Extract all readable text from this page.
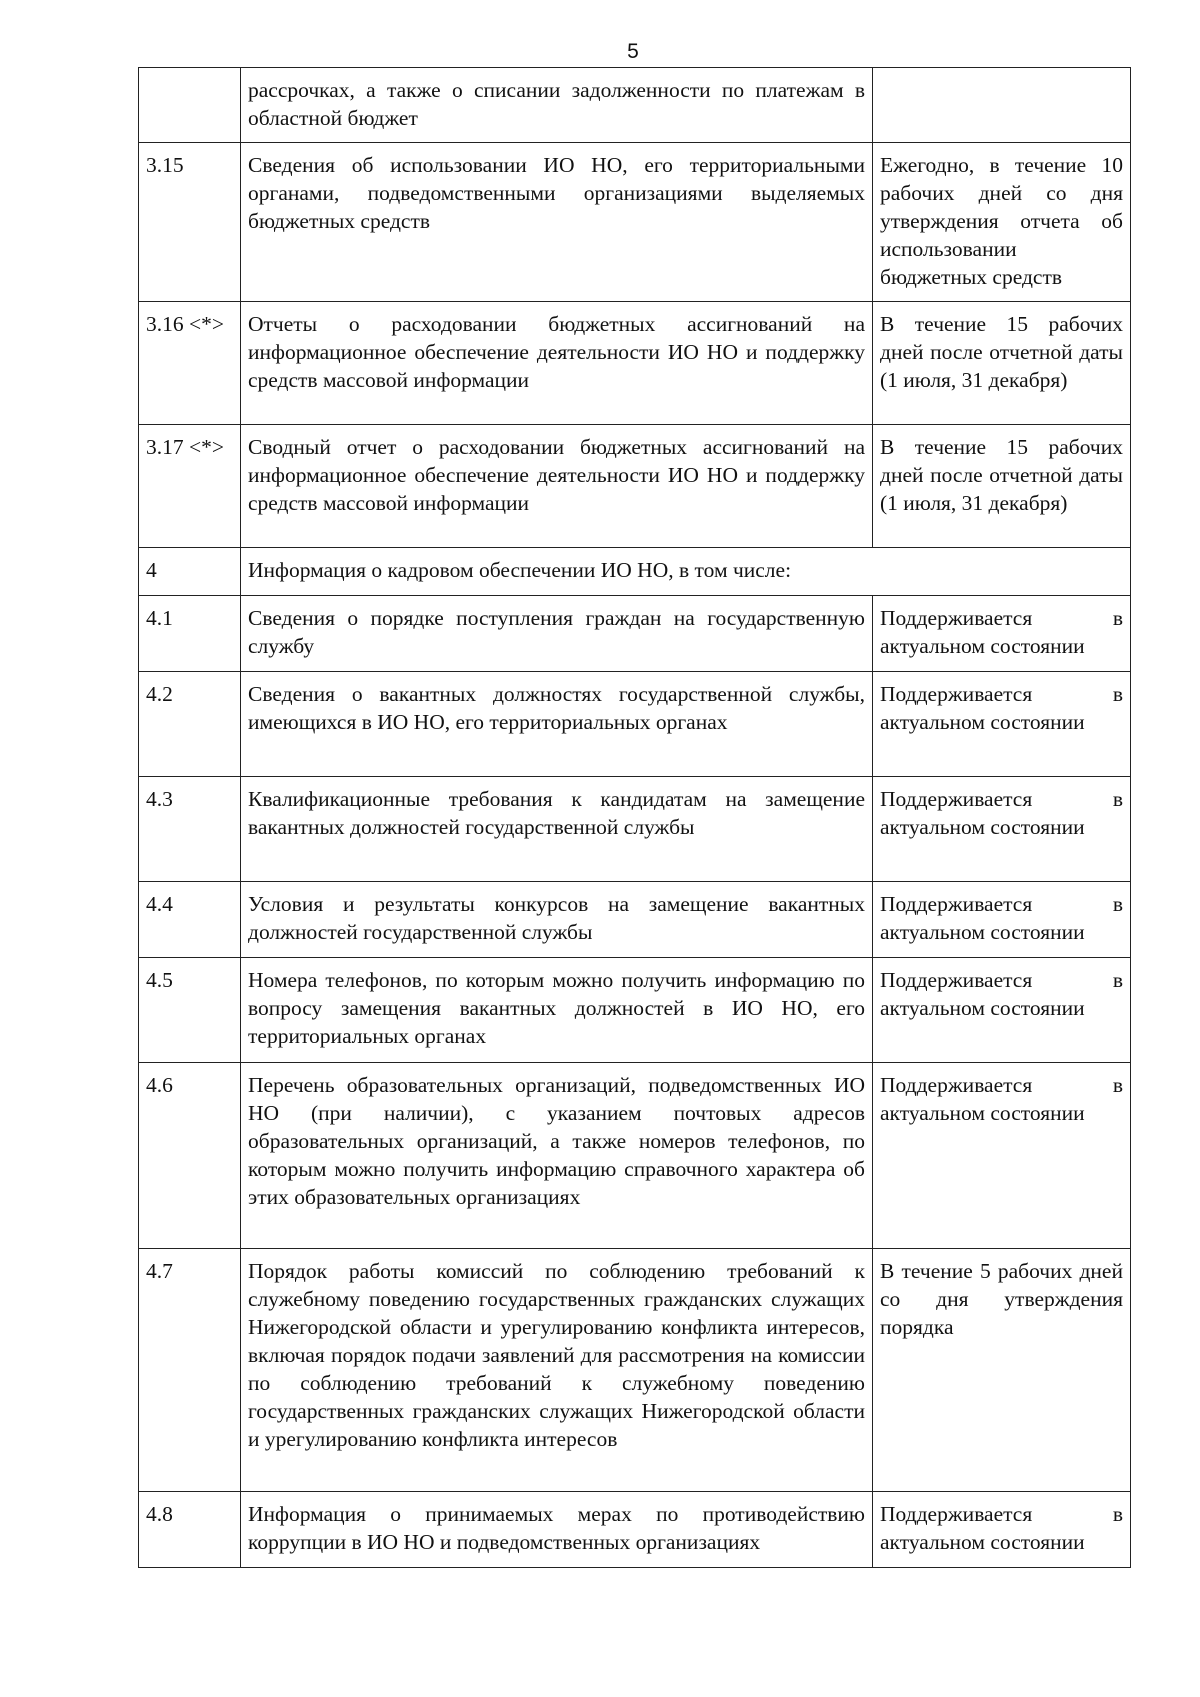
5
	рассрочках, а также о списании задолженности по платежам в областной бюджет	
3.15	Сведения об использовании ИО НО, его территориальными органами, подведомственными организациями выделяемых бюджетных средств	Ежегодно, в течение 10 рабочих дней со дня утверждения отчета об использовании бюджетных средств
3.16 <*>	Отчеты о расходовании бюджетных ассигнований на информационное обеспечение деятельности ИО НО и поддержку средств массовой информации	В течение 15 рабочих дней после отчетной даты (1 июля, 31 декабря)
3.17 <*>	Сводный отчет о расходовании бюджетных ассигнований на информационное обеспечение деятельности ИО НО и поддержку средств массовой информации	В течение 15 рабочих дней после отчетной даты (1 июля, 31 декабря)
4	Информация о кадровом обеспечении ИО НО, в том числе:	
4.1	Сведения о порядке поступления граждан на государственную службу	Поддерживается в актуальном состоянии
4.2	Сведения о вакантных должностях государственной службы, имеющихся в ИО НО, его территориальных органах	Поддерживается в актуальном состоянии
4.3	Квалификационные требования к кандидатам на замещение вакантных должностей государственной службы	Поддерживается в актуальном состоянии
4.4	Условия и результаты конкурсов на замещение вакантных должностей государственной службы	Поддерживается в актуальном состоянии
4.5	Номера телефонов, по которым можно получить информацию по вопросу замещения вакантных должностей в ИО НО, его территориальных органах	Поддерживается в актуальном состоянии
4.6	Перечень образовательных организаций, подведомственных ИО НО (при наличии), с указанием почтовых адресов образовательных организаций, а также номеров телефонов, по которым можно получить информацию справочного характера об этих образовательных организациях	Поддерживается в актуальном состоянии
4.7	Порядок работы комиссий по соблюдению требований к служебному поведению государственных гражданских служащих Нижегородской области и урегулированию конфликта интересов, включая порядок подачи заявлений для рассмотрения на комиссии по соблюдению требований к служебному поведению государственных гражданских служащих Нижегородской области и урегулированию конфликта интересов	В течение 5 рабочих дней со дня утверждения порядка
4.8	Информация о принимаемых мерах по противодействию коррупции в ИО НО и подведомственных организациях	Поддерживается в актуальном состоянии
